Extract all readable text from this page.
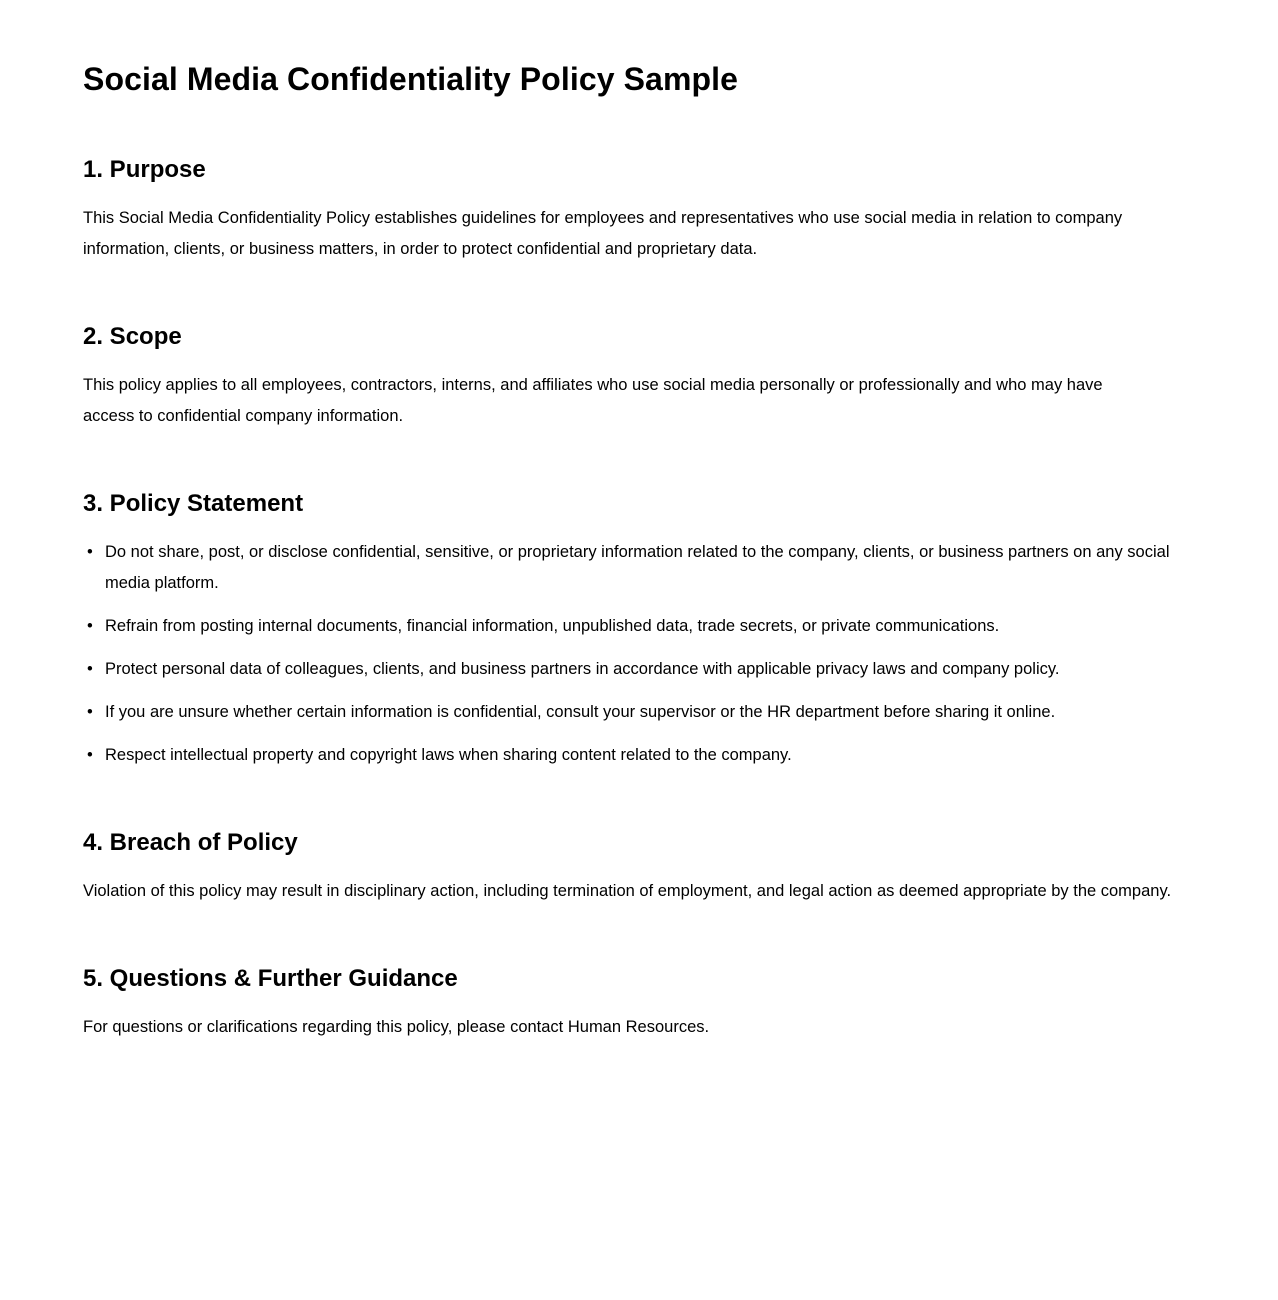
Social Media Confidentiality Policy Sample
1. Purpose

This Social Media Confidentiality Policy establishes guidelines for employees and representatives who use social media in relation to company information, clients, or business matters, in order to protect confidential and proprietary data.

2. Scope

This policy applies to all employees, contractors, interns, and affiliates who use social media personally or professionally and who may have access to confidential company information.

3. Policy Statement
• Do not share, post, or disclose confidential, sensitive, or proprietary information related to the company, clients, or business partners on any social media platform.
• Refrain from posting internal documents, financial information, unpublished data, trade secrets, or private communications.
• Protect personal data of colleagues, clients, and business partners in accordance with applicable privacy laws and company policy.
• If you are unsure whether certain information is confidential, consult your supervisor or the HR department before sharing it online.
• Respect intellectual property and copyright laws when sharing content related to the company.
4. Breach of Policy

Violation of this policy may result in disciplinary action, including termination of employment, and legal action as deemed appropriate by the company.

5. Questions & Further Guidance

For questions or clarifications regarding this policy, please contact Human Resources.
